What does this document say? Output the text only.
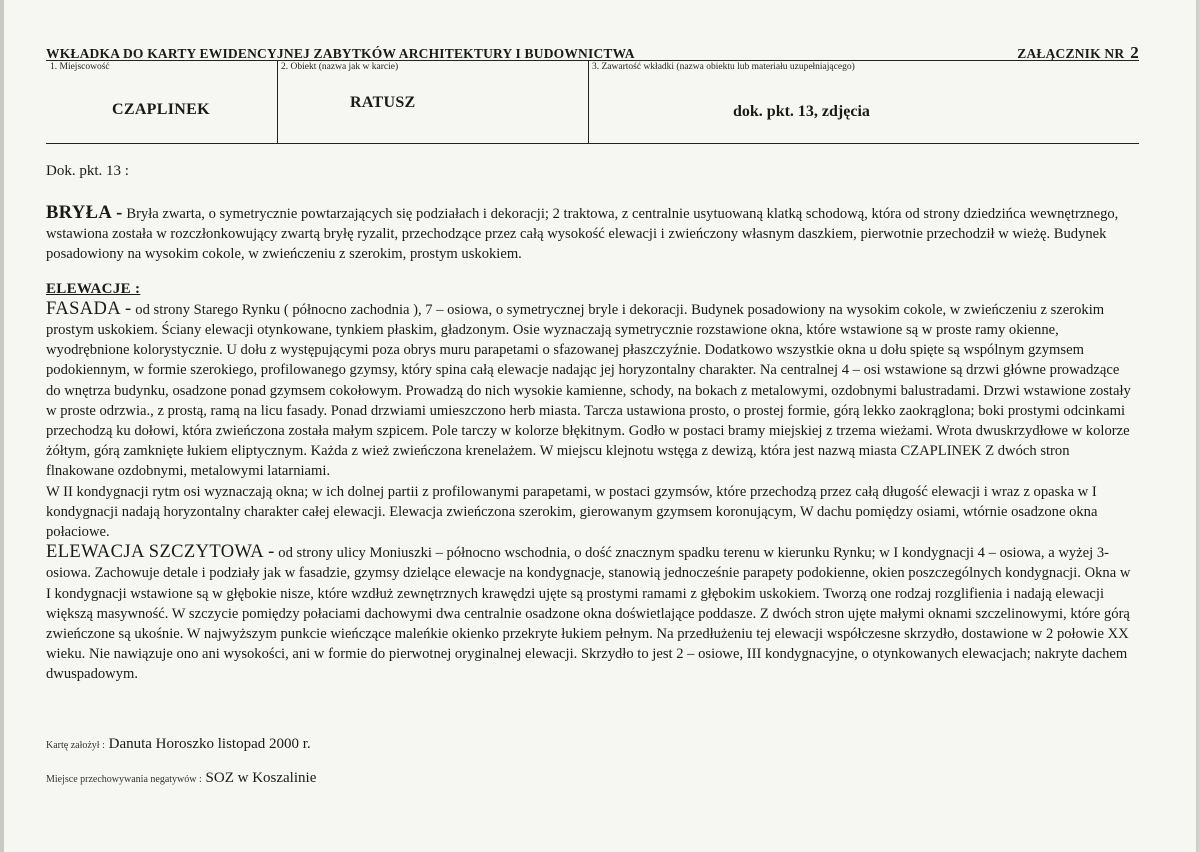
WKŁADKA DO KARTY EWIDENCYJNEJ ZABYTKÓW ARCHITEKTURY I BUDOWNICTWA	ZAŁĄCZNIK NR 2
1. Miejscowość	2. Obiekt (nazwa jak w karcie)	3. Zawartość wkładki (nazwa obiektu lub materiału uzupełniającego)
CZAPLINEK	RATUSZ
dok. pkt. 13, zdjęcia
Dok. pkt. 13 :

BRYŁA - Bryła zwarta, o symetrycznie powtarzających się podziałach i dekoracji; 2 traktowa, z centralnie usytuowaną klatką schodową, która od strony dziedzińca wewnętrznego, wstawiona została w rozczłonkowujący zwartą bryłę ryzalit, przechodzące przez całą wysokość elewacji i zwieńczony własnym daszkiem, pierwotnie przechodził w wieżę. Budynek posadowiony na wysokim cokole, w zwieńczeniu z szerokim, prostym uskokiem.

ELEWACJE :

FASADA - od strony Starego Rynku ( północno zachodnia ), 7 – osiowa, o symetrycznej bryle i dekoracji. Budynek posadowiony na wysokim cokole, w zwieńczeniu z szerokim prostym uskokiem. Ściany elewacji otynkowane, tynkiem płaskim, gładzonym. Osie wyznaczają symetrycznie rozstawione okna, które wstawione są w proste ramy okienne, wyodrębnione kolorystycznie. U dołu z występującymi poza obrys muru parapetami o sfazowanej płaszczyźnie. Dodatkowo wszystkie okna u dołu spięte są wspólnym gzymsem podokiennym, w formie szerokiego, profilowanego gzymsy, który spina całą elewacje nadając jej horyzontalny charakter. Na centralnej 4 – osi wstawione są drzwi główne prowadzące do wnętrza budynku, osadzone ponad gzymsem cokołowym. Prowadzą do nich wysokie kamienne, schody, na bokach z metalowymi, ozdobnymi balustradami. Drzwi wstawione zostały w proste odrzwia., z prostą, ramą na licu fasady. Ponad drzwiami umieszczono herb miasta. Tarcza ustawiona prosto, o prostej formie, górą lekko zaokrąglona; boki prostymi odcinkami przechodzą ku dołowi, która zwieńczona została małym szpicem. Pole tarczy w kolorze błękitnym. Godło w postaci bramy miejskiej z trzema wieżami. Wrota dwuskrzydłowe w kolorze żółtym, górą zamknięte łukiem eliptycznym. Każda z wież zwieńczona krenelażem. W miejscu klejnotu wstęga z dewizą, która jest nazwą miasta CZAPLINEK Z dwóch stron flnakowane ozdobnymi, metalowymi latarniami.

W II kondygnacji rytm osi wyznaczają okna; w ich dolnej partii z profilowanymi parapetami, w postaci gzymsów, które przechodzą przez całą długość elewacji i wraz z opaska w I kondygnacji nadają horyzontalny charakter całej elewacji. Elewacja zwieńczona szerokim, gierowanym gzymsem koronującym, W dachu pomiędzy osiami, wtórnie osadzone okna połaciowe.

ELEWACJA SZCZYTOWA - od strony ulicy Moniuszki – północno wschodnia, o dość znacznym spadku terenu w kierunku Rynku; w I kondygnacji 4 – osiowa, a wyżej 3-osiowa. Zachowuje detale i podziały jak w fasadzie, gzymsy dzielące elewacje na kondygnacje, stanowią jednocześnie parapety podokienne, okien poszczególnych kondygnacji. Okna w I kondygnacji wstawione są w głębokie nisze, które wzdłuż zewnętrznych krawędzi ujęte są prostymi ramami z głębokim uskokiem. Tworzą one rodzaj rozglifienia i nadają elewacji większą masywność. W szczycie pomiędzy połaciami dachowymi dwa centralnie osadzone okna doświetlające poddasze. Z dwóch stron ujęte małymi oknami szczelinowymi, które górą zwieńczone są ukośnie. W najwyższym punkcie wieńczące maleńkie okienko przekryte łukiem pełnym. Na przedłużeniu tej elewacji współczesne skrzydło, dostawione w 2 połowie XX wieku. Nie nawiązuje ono ani wysokości, ani w formie do pierwotnej oryginalnej elewacji. Skrzydło to jest 2 – osiowe, III kondygnacyjne, o otynkowanych elewacjach; nakryte dachem dwuspadowym.

Kartę założył : Danuta Horoszko listopad 2000 r.
Miejsce przechowywania negatywów : SOZ w Koszalinie
